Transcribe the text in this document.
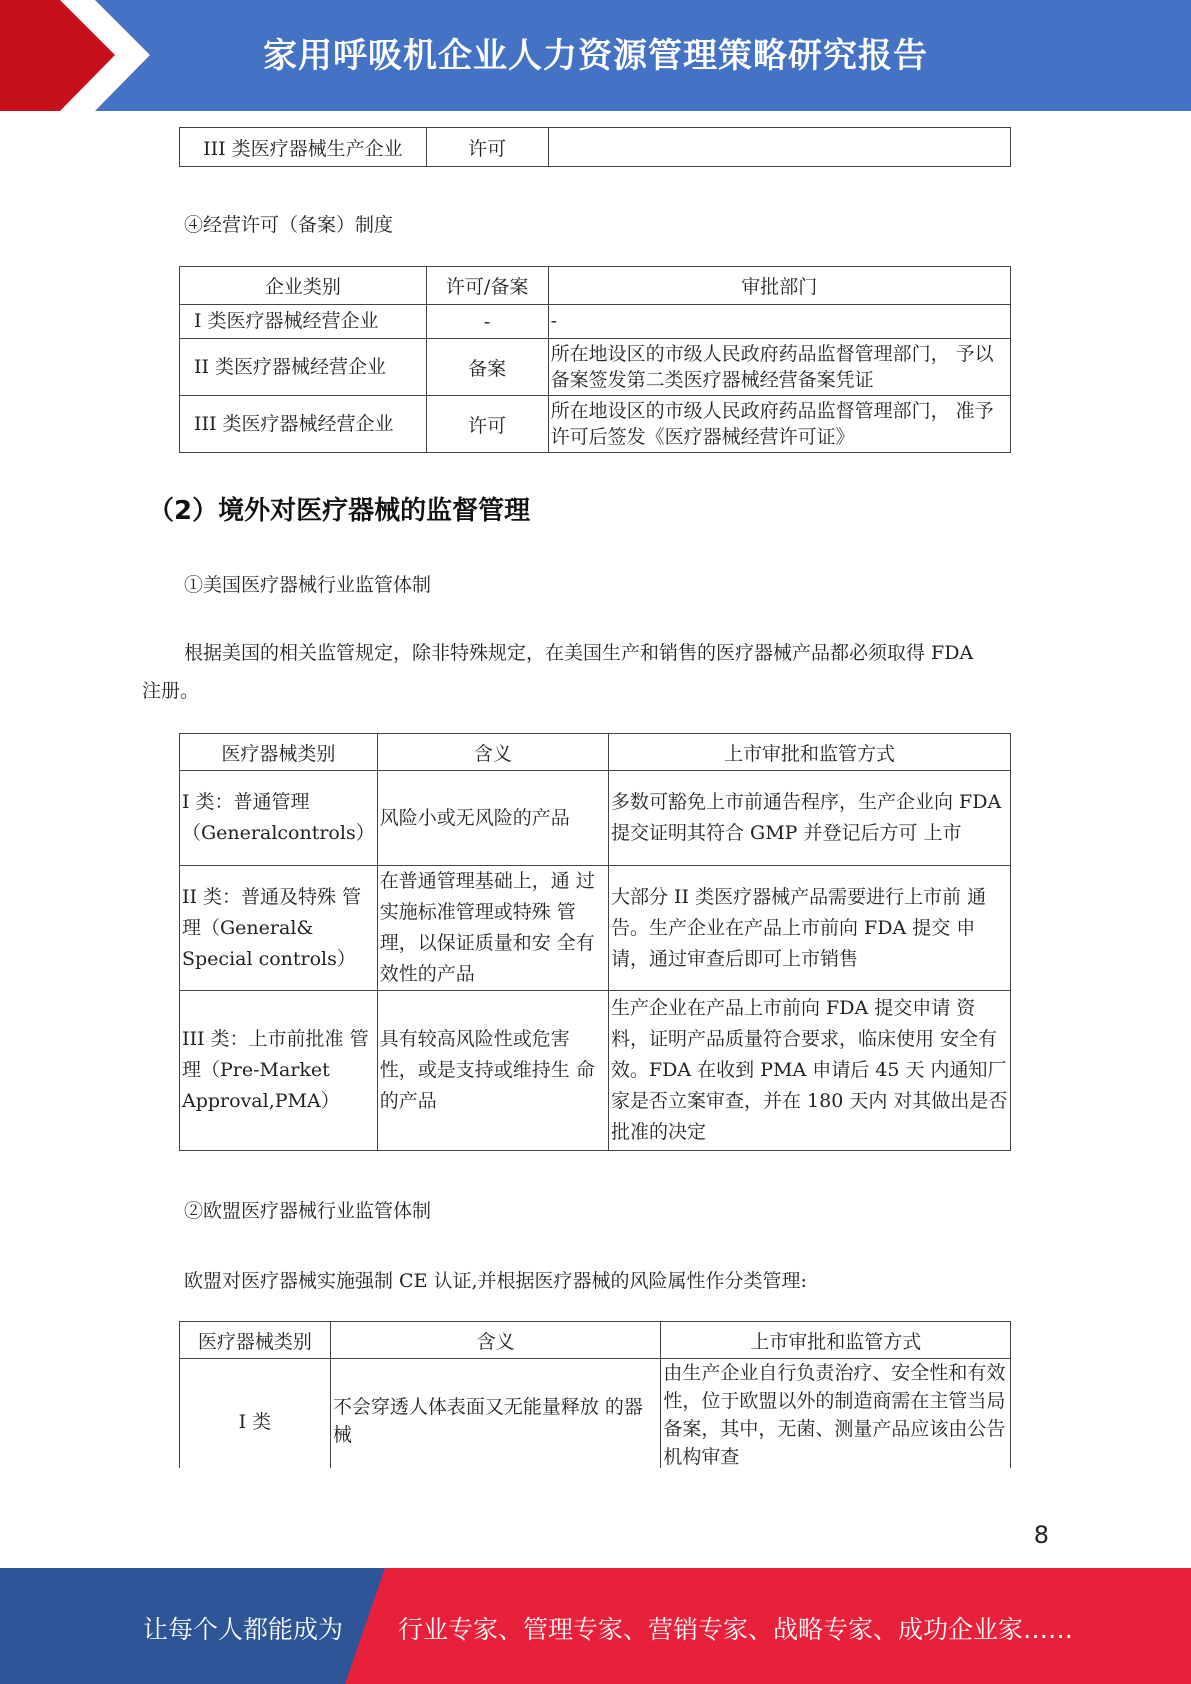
家用呼吸机企业人力资源管理策略研究报告
III 类医疗器械生产企业	许可	
④经营许可（备案）制度
企业类别	许可/备案	审批部门
I 类医疗器械经营企业	-	-
II 类医疗器械经营企业	备案	所在地设区的市级人民政府药品监督管理部门， 予以备案签发第二类医疗器械经营备案凭证
III 类医疗器械经营企业	许可	所在地设区的市级人民政府药品监督管理部门， 准予许可后签发《医疗器械经营许可证》
（2）境外对医疗器械的监督管理
①美国医疗器械行业监管体制
根据美国的相关监管规定，除非特殊规定，在美国生产和销售的医疗器械产品都必须取得 FDA
注册。
医疗器械类别	含义	上市审批和监管方式
I 类：普通管理（Generalcontrols）	风险小或无风险的产品	多数可豁免上市前通告程序，生产企业向 FDA 提交证明其符合 GMP 并登记后方可 上市
II 类：普通及特殊 管理（General& Special controls）	在普通管理基础上，通 过实施标准管理或特殊 管理，以保证质量和安 全有效性的产品	大部分 II 类医疗器械产品需要进行上市前 通告。生产企业在产品上市前向 FDA 提交 申请，通过审查后即可上市销售
III 类：上市前批准 管理（Pre-Market Approval,PMA）	具有较高风险性或危害性，或是支持或维持生 命的产品	生产企业在产品上市前向 FDA 提交申请 资料，证明产品质量符合要求，临床使用 安全有效。FDA 在收到 PMA 申请后 45 天 内通知厂家是否立案审查，并在 180 天内 对其做出是否批准的决定
②欧盟医疗器械行业监管体制
欧盟对医疗器械实施强制 CE 认证,并根据医疗器械的风险属性作分类管理:
医疗器械类别	含义	上市审批和监管方式
I 类	不会穿透人体表面又无能量释放 的器械	由生产企业自行负责治疗、安全性和有效性，位于欧盟以外的制造商需在主管当局备案，其中，无菌、测量产品应该由公告机构审查
8
让每个人都能成为 行业专家、管理专家、营销专家、战略专家、成功企业家……
